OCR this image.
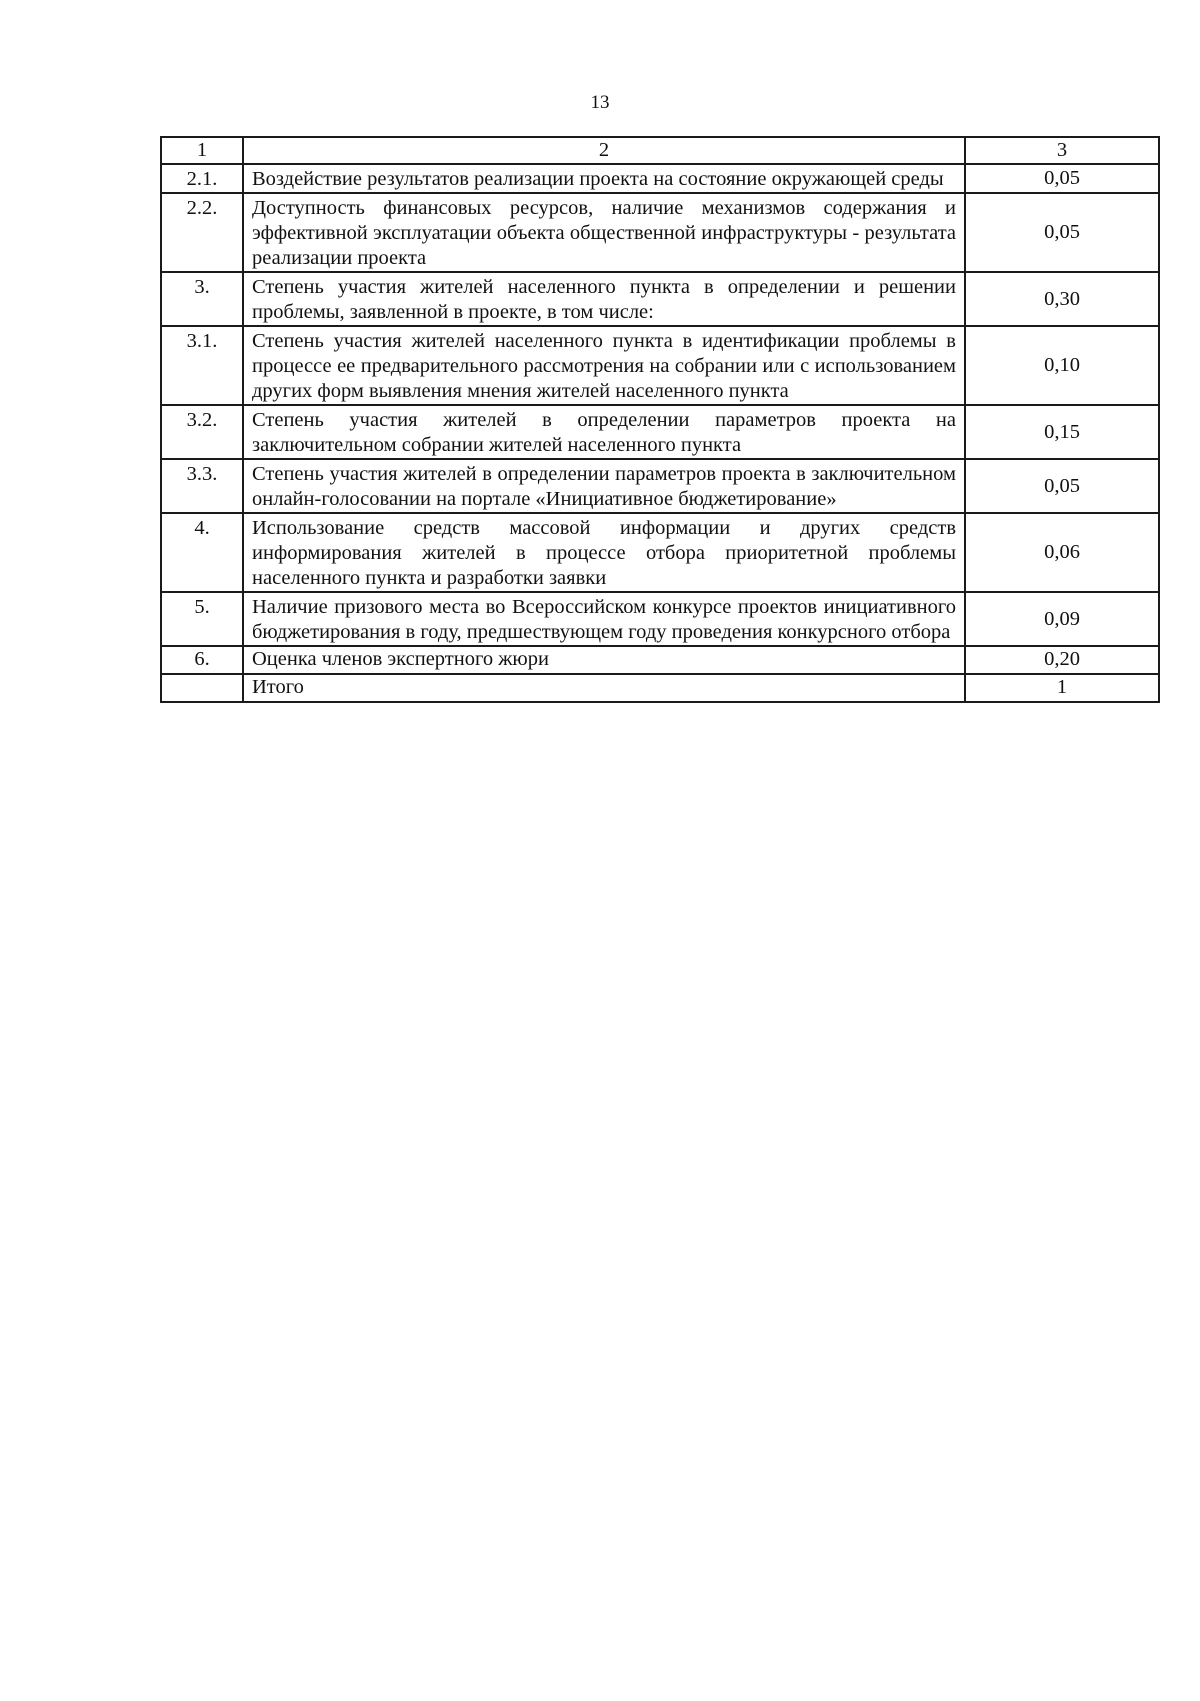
13
1	2	3
2.1.	Воздействие результатов реализации проекта на состояние окружающей среды	0,05
2.2.	Доступность финансовых ресурсов, наличие механизмов содержания и эффективной эксплуатации объекта общественной инфраструктуры - результата реализации проекта	0,05
3.	Степень участия жителей населенного пункта в определении и решении проблемы, заявленной в проекте, в том числе:	0,30
3.1.	Степень участия жителей населенного пункта в идентификации проблемы в процессе ее предварительного рассмотрения на собрании или с использованием других форм выявления мнения жителей населенного пункта	0,10
3.2.	Степень участия жителей в определении параметров проекта на заключительном собрании жителей населенного пункта	0,15
3.3.	Степень участия жителей в определении параметров проекта в заключительном онлайн-голосовании на портале «Инициативное бюджетирование»	0,05
4.	Использование средств массовой информации и других средств информирования жителей в процессе отбора приоритетной проблемы населенного пункта и разработки заявки	0,06
5.	Наличие призового места во Всероссийском конкурсе проектов инициативного бюджетирования в году, предшествующем году проведения конкурсного отбора	0,09
6.	Оценка членов экспертного жюри	0,20
	Итого	1
